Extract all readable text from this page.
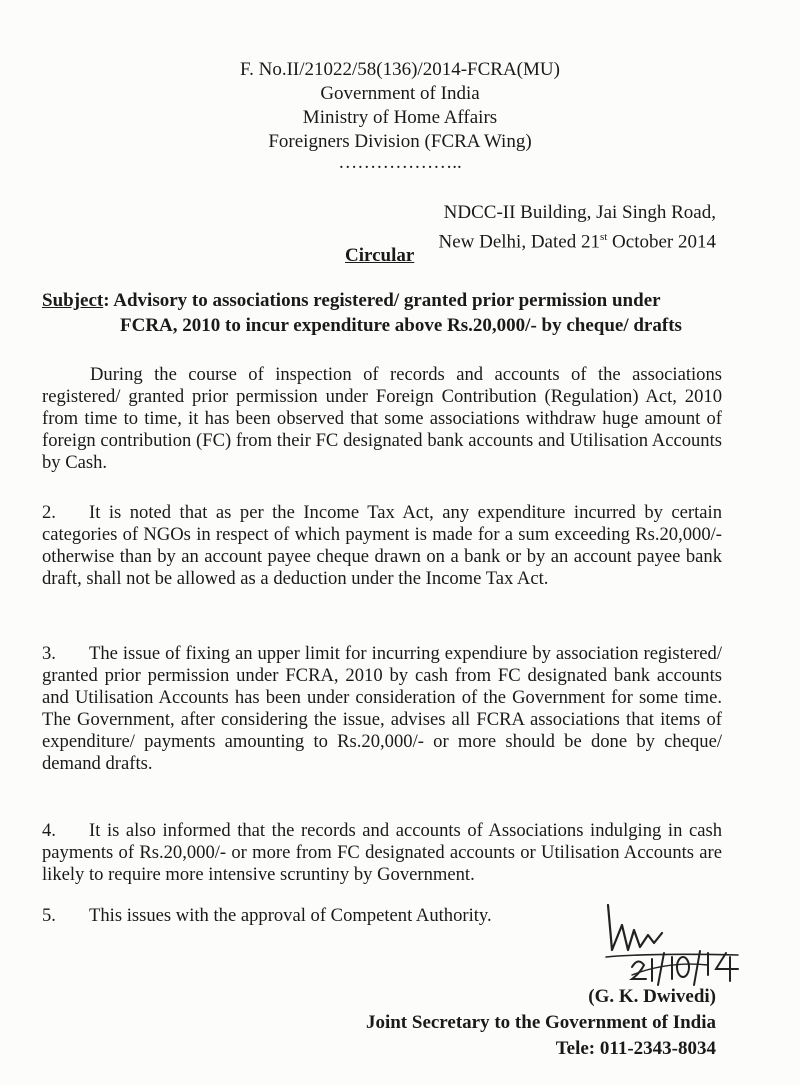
F. No.II/21022/58(136)/2014-FCRA(MU)
Government of India
Ministry of Home Affairs
Foreigners Division (FCRA Wing)
………………..
NDCC-II Building, Jai Singh Road,
New Delhi, Dated 21st October 2014
Circular
Subject: Advisory to associations registered/ granted prior permission under
FCRA, 2010 to incur expenditure above Rs.20,000/- by cheque/ drafts
During the course of inspection of records and accounts of the associations registered/ granted prior permission under Foreign Contribution (Regulation) Act, 2010 from time to time, it has been observed that some associations withdraw huge amount of foreign contribution (FC) from their FC designated bank accounts and Utilisation Accounts by Cash.
2. It is noted that as per the Income Tax Act, any expenditure incurred by certain categories of NGOs in respect of which payment is made for a sum exceeding Rs.20,000/- otherwise than by an account payee cheque drawn on a bank or by an account payee bank draft, shall not be allowed as a deduction under the Income Tax Act.
3. The issue of fixing an upper limit for incurring expendiure by association registered/ granted prior permission under FCRA, 2010 by cash from FC designated bank accounts and Utilisation Accounts has been under consideration of the Government for some time. The Government, after considering the issue, advises all FCRA associations that items of expenditure/ payments amounting to Rs.20,000/- or more should be done by cheque/ demand drafts.
4. It is also informed that the records and accounts of Associations indulging in cash payments of Rs.20,000/- or more from FC designated accounts or Utilisation Accounts are likely to require more intensive scruntiny by Government.
5. This issues with the approval of Competent Authority.
(G. K. Dwivedi)
Joint Secretary to the Government of India
Tele: 011-2343-8034
